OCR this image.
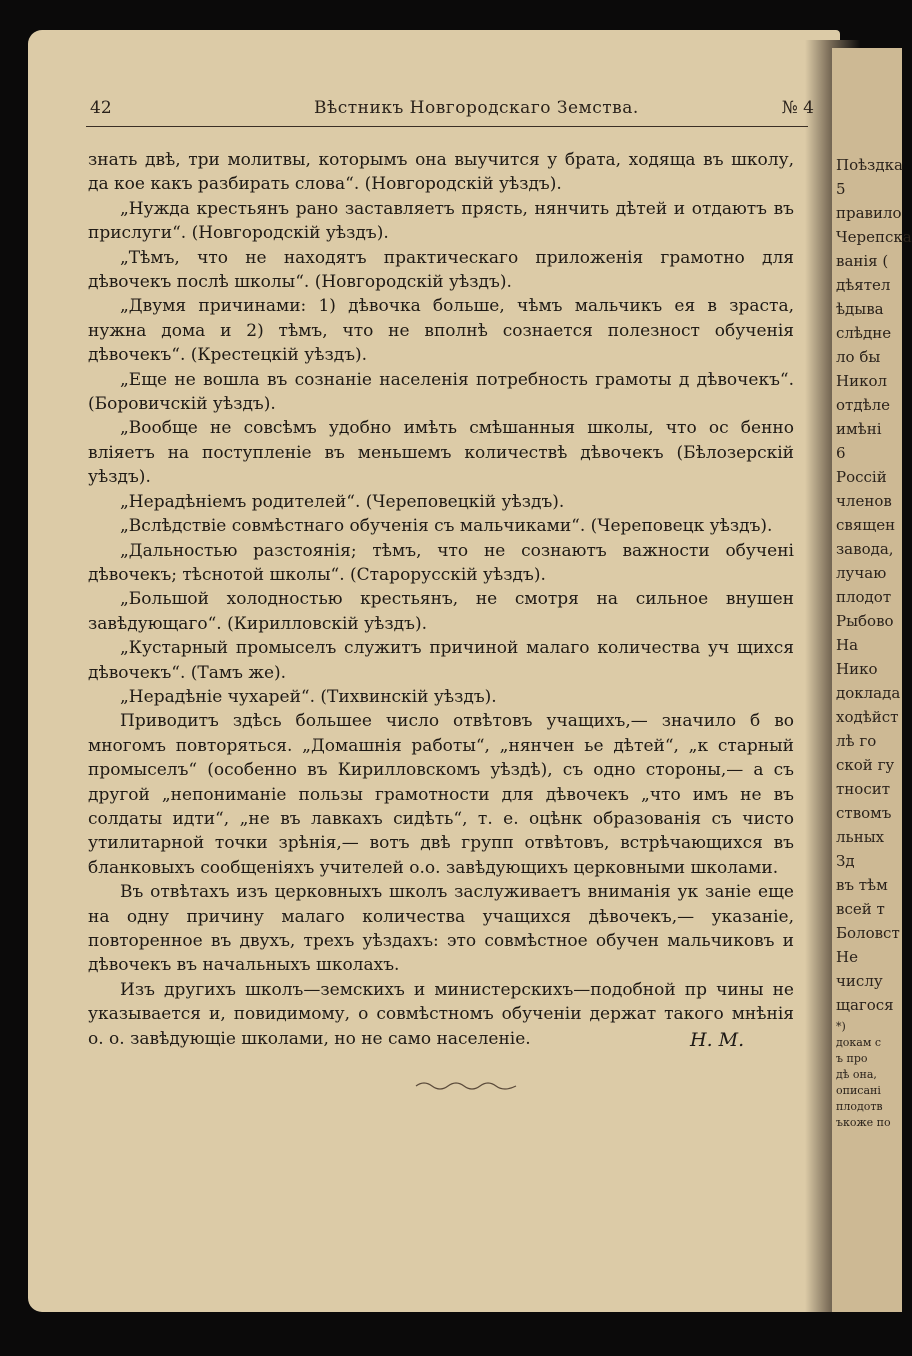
Поѣздка
5
правило
Черепска
ванія (
дѣятел
ѣдыва
слѣдне
ло бы
Никол
отдѣле
имѣні
6
Россій
членов
священ
завода,
лучаю
плодот
Рыбово
На
Нико
доклада
ходѣйст
лѣ го
ской гу
тносит
ствомъ
льных
Зд
въ тѣм
всей т
Боловст
Не
числу
щагося
*)
докам с
ъ про
дѣ она,
описані
плодотв
ъкоже по
42	Вѣстникъ Новгородскаго Земства.	№ 4

знать двѣ, три молитвы, которымъ она выучится у брата, ходяща въ школу, да кое какъ разбирать слова“. (Новгородскій уѣздъ).

„Нужда крестьянъ рано заставляетъ прясть, нянчить дѣтей и отдаютъ въ прислуги“. (Новгородскій уѣздъ).

„Тѣмъ, что не находятъ практическаго приложенія грамотно для дѣвочекъ послѣ школы“. (Новгородскій уѣздъ).

„Двумя причинами: 1) дѣвочка больше, чѣмъ мальчикъ ея в зраста, нужна дома и 2) тѣмъ, что не вполнѣ сознается полезност обученія дѣвочекъ“. (Крестецкій уѣздъ).

„Еще не вошла въ сознаніе населенія потребность грамоты д дѣвочекъ“. (Боровичскій уѣздъ).

„Вообще не совсѣмъ удобно имѣть смѣшанныя школы, что ос бенно вліяетъ на поступленіе въ меньшемъ количествѣ дѣвочекъ (Бѣлозерскій уѣздъ).

„Нерадѣніемъ родителей“. (Череповецкій уѣздъ).

„Вслѣдствіе совмѣстнаго обученія съ мальчиками“. (Череповецк уѣздъ).

„Дальностью разстоянія; тѣмъ, что не сознаютъ важности обучені дѣвочекъ; тѣснотой школы“. (Старорусскій уѣздъ).

„Большой холодностью крестьянъ, не смотря на сильное внушен завѣдующаго“. (Кирилловскій уѣздъ).

„Кустарный промыселъ служитъ причиной малаго количества уч щихся дѣвочекъ“. (Тамъ же).

„Нерадѣніе чухарей“. (Тихвинскій уѣздъ).

Приводитъ здѣсь большее число отвѣтовъ учащихъ,— значило б во многомъ повторяться. „Домашнія работы“, „нянчен ье дѣтей“, „к старный промыселъ“ (особенно въ Кирилловскомъ уѣздѣ), съ одно стороны,— а съ другой „непониманіе пользы грамотности для дѣвочекъ „что имъ не въ солдаты идти“, „не въ лавкахъ сидѣть“, т. е. оцѣнк образованія съ чисто утилитарной точки зрѣнія,— вотъ двѣ групп отвѣтовъ, встрѣчающихся въ бланковыхъ сообщеніяхъ учителей о.о. завѣдующихъ церковными школами.

Въ отвѣтахъ изъ церковныхъ школъ заслуживаетъ вниманія ук заніе еще на одну причину малаго количества учащихся дѣвочекъ,— указаніе, повторенное въ двухъ, трехъ уѣздахъ: это совмѣстное обучен мальчиковъ и дѣвочекъ въ начальныхъ школахъ.

Изъ другихъ школъ—земскихъ и министерскихъ—подобной пр чины не указывается и, повидимому, о совмѣстномъ обученіи держат такого мнѣнія о. о. завѣдующіе школами, но не само населеніе.	Н. М.
